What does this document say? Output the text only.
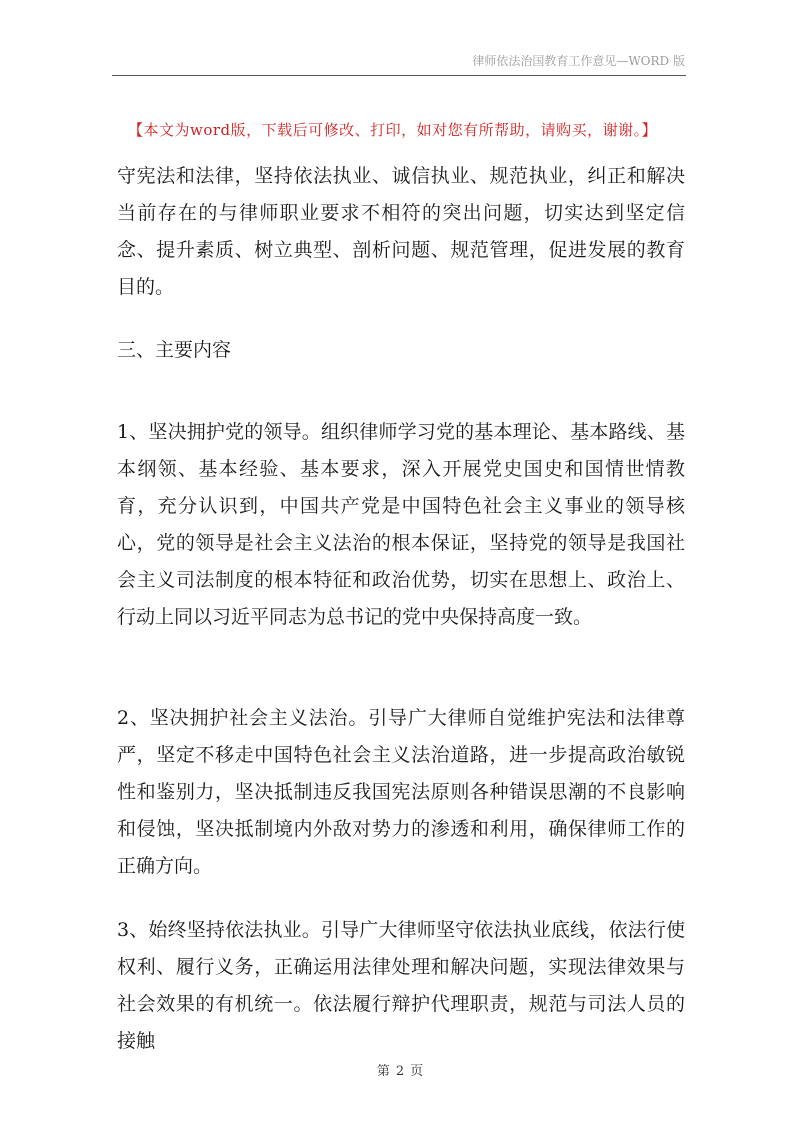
律师依法治国教育工作意见—WORD 版
【本文为word版，下载后可修改、打印，如对您有所帮助，请购买，谢谢。】
守宪法和法律，坚持依法执业、诚信执业、规范执业，纠正和解决当前存在的与律师职业要求不相符的突出问题，切实达到坚定信念、提升素质、树立典型、剖析问题、规范管理，促进发展的教育目的。
三、主要内容
1、坚决拥护党的领导。组织律师学习党的基本理论、基本路线、基本纲领、基本经验、基本要求，深入开展党史国史和国情世情教育，充分认识到，中国共产党是中国特色社会主义事业的领导核心，党的领导是社会主义法治的根本保证，坚持党的领导是我国社会主义司法制度的根本特征和政治优势，切实在思想上、政治上、行动上同以习近平同志为总书记的党中央保持高度一致。
2、坚决拥护社会主义法治。引导广大律师自觉维护宪法和法律尊严，坚定不移走中国特色社会主义法治道路，进一步提高政治敏锐性和鉴别力，坚决抵制违反我国宪法原则各种错误思潮的不良影响和侵蚀，坚决抵制境内外敌对势力的渗透和利用，确保律师工作的正确方向。
3、始终坚持依法执业。引导广大律师坚守依法执业底线，依法行使权利、履行义务，正确运用法律处理和解决问题，实现法律效果与社会效果的有机统一。依法履行辩护代理职责，规范与司法人员的接触
第 2 页
